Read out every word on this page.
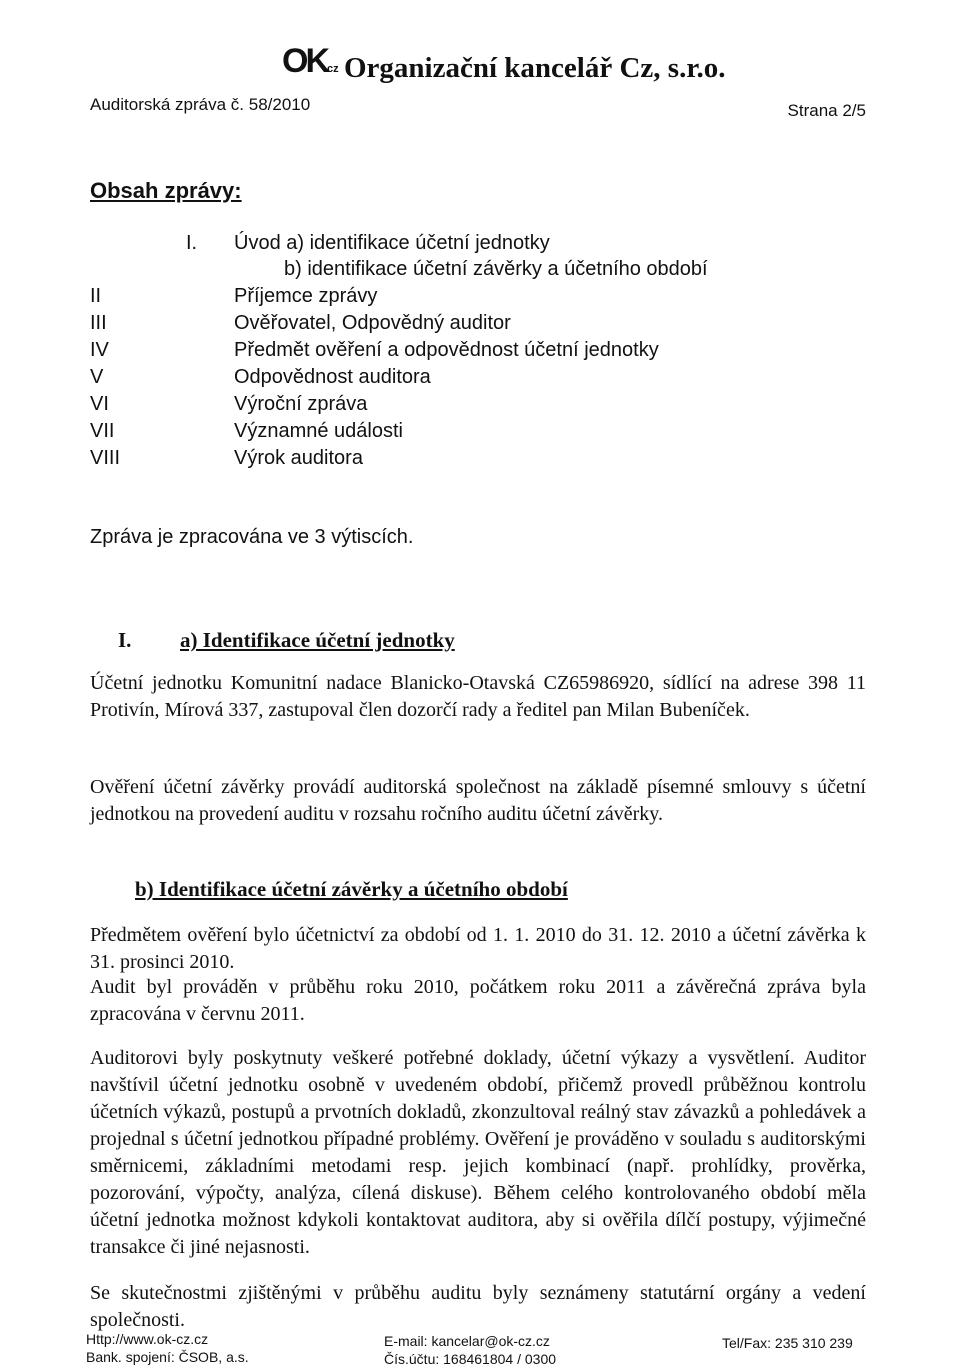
OKcz Organizační kancelář Cz, s.r.o.
Auditorská zpráva č. 58/2010	Strana 2/5
Obsah zprávy:
I. Úvod a) identifikace účetní jednotky
b) identifikace účetní závěrky a účetního období
II	Příjemce zprávy
III	Ověřovatel, Odpovědný auditor
IV	Předmět ověření a odpovědnost účetní jednotky
V	Odpovědnost auditora
VI	Výroční zpráva
VII	Významné události
VIII	Výrok auditora
Zpráva je zpracována ve 3 výtiscích.
I. a) Identifikace účetní jednotky

Účetní jednotku Komunitní nadace Blanicko-Otavská CZ65986920, sídlící na adrese 398 11 Protivín, Mírová 337, zastupoval člen dozorčí rady a ředitel pan Milan Bubeníček.

Ověření účetní závěrky provádí auditorská společnost na základě písemné smlouvy s účetní jednotkou na provedení auditu v rozsahu ročního auditu účetní závěrky.

b) Identifikace účetní závěrky a účetního období

Předmětem ověření bylo účetnictví za období od 1. 1. 2010 do 31. 12. 2010 a účetní závěrka k 31. prosinci 2010.

Audit byl prováděn v průběhu roku 2010, počátkem roku 2011 a závěrečná zpráva byla zpracována v červnu 2011.

Auditorovi byly poskytnuty veškeré potřebné doklady, účetní výkazy a vysvětlení. Auditor navštívil účetní jednotku osobně v uvedeném období, přičemž provedl průběžnou kontrolu účetních výkazů, postupů a prvotních dokladů, zkonzultoval reálný stav závazků a pohledávek a projednal s účetní jednotkou případné problémy. Ověření je prováděno v souladu s auditorskými směrnicemi, základními metodami resp. jejich kombinací (např. prohlídky, prověrka, pozorování, výpočty, analýza, cílená diskuse). Během celého kontrolovaného období měla účetní jednotka možnost kdykoli kontaktovat auditora, aby si ověřila dílčí postupy, výjimečné transakce či jiné nejasnosti.

Se skutečnostmi zjištěnými v průběhu auditu byly seznámeny statutární orgány a vedení společnosti.

Http://www.ok-cz.cz
Bank. spojení: ČSOB, a.s.
E-mail: kancelar@ok-cz.cz
Čís.účtu: 168461804 / 0300
Tel/Fax: 235 310 239
